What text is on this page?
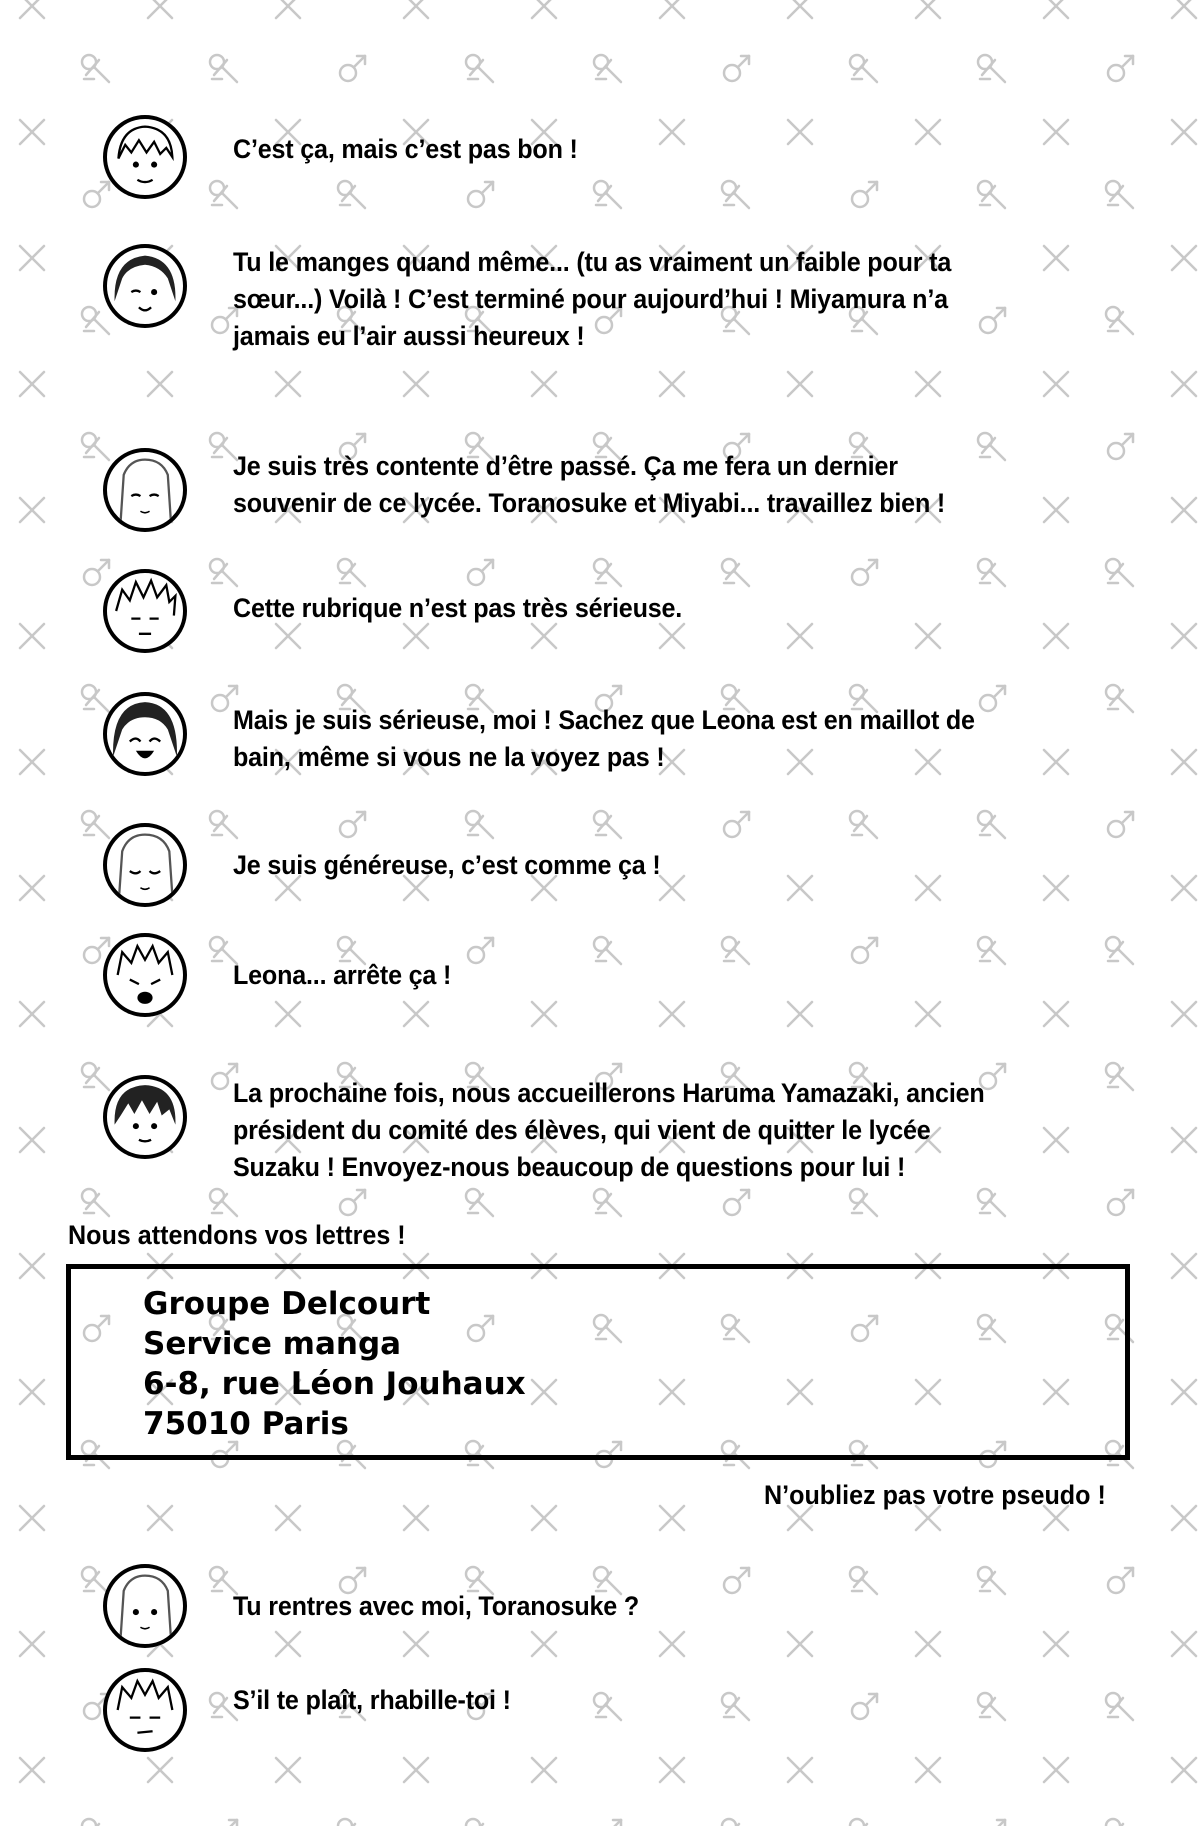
C’est ça, mais c’est pas bon !
Tu le manges quand même... (tu as vraiment un faible pour ta
sœur...) Voilà ! C’est terminé pour aujourd’hui ! Miyamura n’a
jamais eu l’air aussi heureux !
Je suis très contente d’être passé. Ça me fera un dernier
souvenir de ce lycée. Toranosuke et Miyabi... travaillez bien !
Cette rubrique n’est pas très sérieuse.
Mais je suis sérieuse, moi ! Sachez que Leona est en maillot de
bain, même si vous ne la voyez pas !
Je suis généreuse, c’est comme ça !
Leona... arrête ça !
La prochaine fois, nous accueillerons Haruma Yamazaki, ancien
président du comité des élèves, qui vient de quitter le lycée
Suzaku ! Envoyez-nous beaucoup de questions pour lui !
Nous attendons vos lettres !
Groupe Delcourt
Service manga
6-8, rue Léon Jouhaux
75010 Paris
N’oubliez pas votre pseudo !
Tu rentres avec moi, Toranosuke ?
S’il te plaît, rhabille-toi !
